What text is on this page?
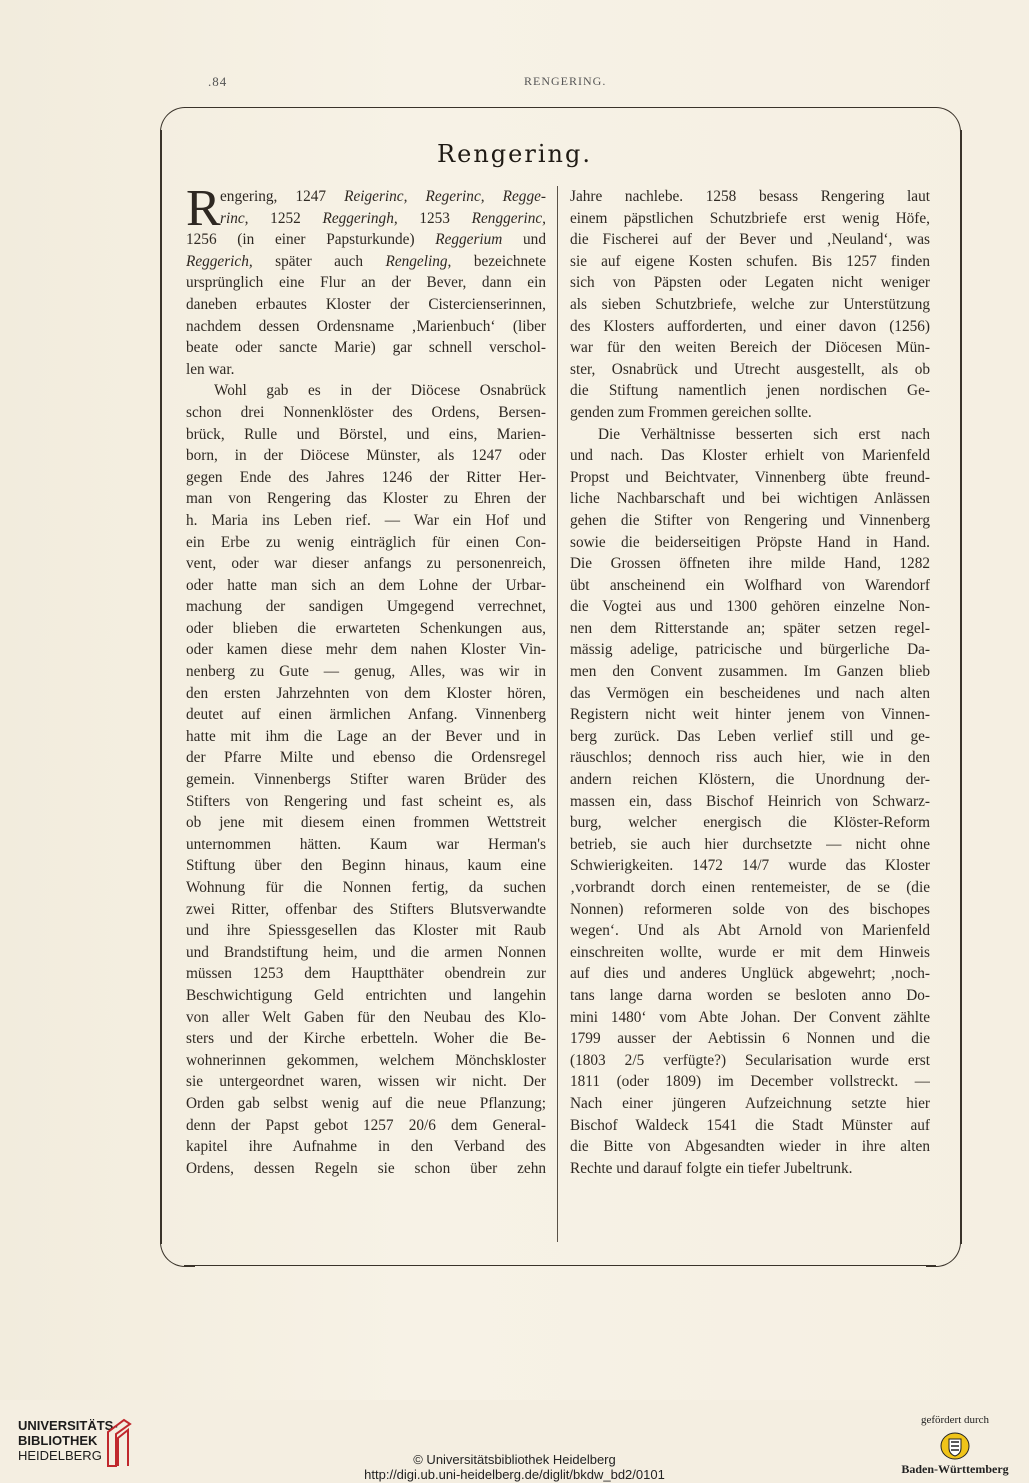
.84	RENGERING.
Rengering.
R engering, 1247 Reigerinc, Regerinc, Regge-
rinc, 1252 Reggeringh, 1253 Renggerinc,
1256 (in einer Papsturkunde) Reggerium und
Reggerich, später auch Rengeling, bezeichnete
ursprünglich eine Flur an der Bever, dann ein
daneben erbautes Kloster der Cistercienserinnen,
nachdem dessen Ordensname ‚Marienbuch‘ (liber
beate oder sancte Marie) gar schnell verschol-
len war.
Wohl gab es in der Diöcese Osnabrück
schon drei Nonnenklöster des Ordens, Bersen-
brück, Rulle und Börstel, und eins, Marien-
born, in der Diöcese Münster, als 1247 oder
gegen Ende des Jahres 1246 der Ritter Her-
man von Rengering das Kloster zu Ehren der
h. Maria ins Leben rief. — War ein Hof und
ein Erbe zu wenig einträglich für einen Con-
vent, oder war dieser anfangs zu personenreich,
oder hatte man sich an dem Lohne der Urbar-
machung der sandigen Umgegend verrechnet,
oder blieben die erwarteten Schenkungen aus,
oder kamen diese mehr dem nahen Kloster Vin-
nenberg zu Gute — genug, Alles, was wir in
den ersten Jahrzehnten von dem Kloster hören,
deutet auf einen ärmlichen Anfang. Vinnenberg
hatte mit ihm die Lage an der Bever und in
der Pfarre Milte und ebenso die Ordensregel
gemein. Vinnenbergs Stifter waren Brüder des
Stifters von Rengering und fast scheint es, als
ob jene mit diesem einen frommen Wettstreit
unternommen hätten. Kaum war Herman's
Stiftung über den Beginn hinaus, kaum eine
Wohnung für die Nonnen fertig, da suchen
zwei Ritter, offenbar des Stifters Blutsverwandte
und ihre Spiessgesellen das Kloster mit Raub
und Brandstiftung heim, und die armen Nonnen
müssen 1253 dem Hauptthäter obendrein zur
Beschwichtigung Geld entrichten und langehin
von aller Welt Gaben für den Neubau des Klo-
sters und der Kirche erbetteln. Woher die Be-
wohnerinnen gekommen, welchem Mönchskloster
sie untergeordnet waren, wissen wir nicht. Der
Orden gab selbst wenig auf die neue Pflanzung;
denn der Papst gebot 1257 20/6 dem General-
kapitel ihre Aufnahme in den Verband des
Ordens, dessen Regeln sie schon über zehn
Jahre nachlebe. 1258 besass Rengering laut
einem päpstlichen Schutzbriefe erst wenig Höfe,
die Fischerei auf der Bever und ‚Neuland‘, was
sie auf eigene Kosten schufen. Bis 1257 finden
sich von Päpsten oder Legaten nicht weniger
als sieben Schutzbriefe, welche zur Unterstützung
des Klosters aufforderten, und einer davon (1256)
war für den weiten Bereich der Diöcesen Mün-
ster, Osnabrück und Utrecht ausgestellt, als ob
die Stiftung namentlich jenen nordischen Ge-
genden zum Frommen gereichen sollte.
Die Verhältnisse besserten sich erst nach
und nach. Das Kloster erhielt von Marienfeld
Propst und Beichtvater, Vinnenberg übte freund-
liche Nachbarschaft und bei wichtigen Anlässen
gehen die Stifter von Rengering und Vinnenberg
sowie die beiderseitigen Pröpste Hand in Hand.
Die Grossen öffneten ihre milde Hand, 1282
übt anscheinend ein Wolfhard von Warendorf
die Vogtei aus und 1300 gehören einzelne Non-
nen dem Ritterstande an; später setzen regel-
mässig adelige, patricische und bürgerliche Da-
men den Convent zusammen. Im Ganzen blieb
das Vermögen ein bescheidenes und nach alten
Registern nicht weit hinter jenem von Vinnen-
berg zurück. Das Leben verlief still und ge-
räuschlos; dennoch riss auch hier, wie in den
andern reichen Klöstern, die Unordnung der-
massen ein, dass Bischof Heinrich von Schwarz-
burg, welcher energisch die Klöster-Reform
betrieb, sie auch hier durchsetzte — nicht ohne
Schwierigkeiten. 1472 14/7 wurde das Kloster
‚vorbrandt dorch einen rentemeister, de se (die
Nonnen) reformeren solde von des bischopes
wegen‘. Und als Abt Arnold von Marienfeld
einschreiten wollte, wurde er mit dem Hinweis
auf dies und anderes Unglück abgewehrt; ‚noch-
tans lange darna worden se besloten anno Do-
mini 1480‘ vom Abte Johan. Der Convent zählte
1799 ausser der Aebtissin 6 Nonnen und die
(1803 2/5 verfügte?) Secularisation wurde erst
1811 (oder 1809) im December vollstreckt. —
Nach einer jüngeren Aufzeichnung setzte hier
Bischof Waldeck 1541 die Stadt Münster auf
die Bitte von Abgesandten wieder in ihre alten
Rechte und darauf folgte ein tiefer Jubeltrunk.
UNIVERSITÄTS-
BIBLIOTHEK
HEIDELBERG	© Universitätsbibliothek Heidelberg
http://digi.ub.uni-heidelberg.de/diglit/bkdw_bd2/0101
gefördert durch
Baden-Württemberg
